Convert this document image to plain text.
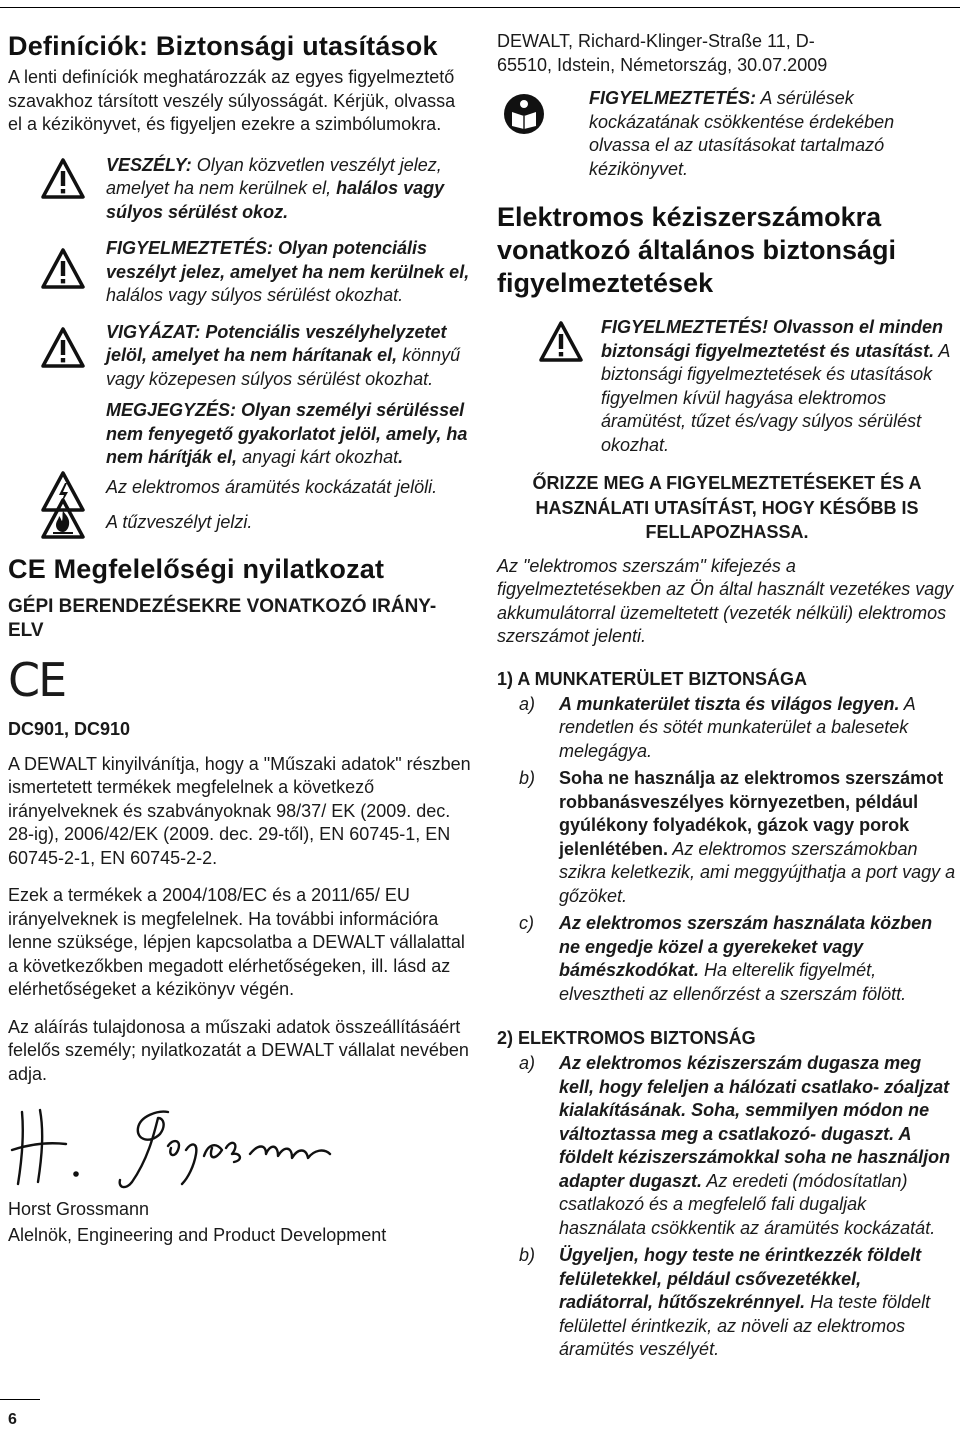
Definíciók: Biztonsági utasítások

A lenti definíciók meghatározzák az egyes figyelmeztető szavakhoz társított veszély súlyosságát. Kérjük, olvassa el a kézikönyvet, és figyeljen ezekre a szimbólumokra.

VESZÉLY: Olyan közvetlen veszélyt jelez, amelyet ha nem kerülnek el, halálos vagy súlyos sérülést okoz.

FIGYELMEZTETÉS: Olyan potenciális veszélyt jelez, amelyet ha nem kerülnek el, halálos vagy súlyos sérülést okozhat.

VIGYÁZAT: Potenciális veszélyhelyzetet jelöl, amelyet ha nem hárítanak el, könnyű vagy közepesen súlyos sérülést okozhat.

MEGJEGYZÉS: Olyan személyi sérüléssel nem fenyegető gyakorlatot jelöl, amely, ha nem hárítják el, anyagi kárt okozhat.

Az elektromos áramütés kockázatát jelöli.

A tűzveszélyt jelzi.

CE Megfelelőségi nyilatkozat

GÉPI BERENDEZÉSEKRE VONATKOZÓ IRÁNY- ELV

CE

DC901, DC910

A DEWALT kinyilvánítja, hogy a "Műszaki adatok" részben ismertetett termékek megfelelnek a következő irányelveknek és szabványoknak 98/37/ EK (2009. dec. 28-ig), 2006/42/EK (2009. dec. 29-től), EN 60745-1, EN 60745-2-1, EN 60745-2-2.

Ezek a termékek a 2004/108/EC és a 2011/65/ EU irányelveknek is megfelelnek. Ha további információra lenne szüksége, lépjen kapcsolatba a DEWALT vállalattal a következőkben megadott elérhetőségeken, ill. lásd az elérhetőségeket a kézikönyv végén.

Az aláírás tulajdonosa a műszaki adatok összeállításáért felelős személy; nyilatkozatát a DEWALT vállalat nevében adja.

Horst Grossmann

Alelnök, Engineering and Product Development

DEWALT, Richard-Klinger-Straße 11, D-65510, Idstein, Németország, 30.07.2009

FIGYELMEZTETÉS: A sérülések kockázatának csökkentése érdekében olvassa el az utasításokat tartalmazó kézikönyvet.

Elektromos kéziszerszámokra vonatkozó általános biztonsági figyelmeztetések

FIGYELMEZTETÉS! Olvasson el minden biztonsági figyelmeztetést és utasítást. A biztonsági figyelmeztetések és utasítások figyelmen kívül hagyása elektromos áramütést, tűzet és/vagy súlyos sérülést okozhat.

ŐRIZZE MEG A FIGYELMEZTETÉSEKET ÉS A HASZNÁLATI UTASÍTÁST, HOGY KÉSŐBB IS FELLAPOZHASSA.

Az "elektromos szerszám" kifejezés a figyelmeztetésekben az Ön által használt vezetékes vagy akkumulátorral üzemeltetett (vezeték nélküli) elektromos szerszámot jelenti.

1) A MUNKATERÜLET BIZTONSÁGA

a) A munkaterület tiszta és világos legyen. A rendetlen és sötét munkaterület a balesetek melegágya.
b) Soha ne használja az elektromos szerszámot robbanásveszélyes környezetben, például gyúlékony folyadékok, gázok vagy porok jelenlétében. Az elektromos szerszámokban szikra keletkezik, ami meggyújthatja a port vagy a gőzöket.
c) Az elektromos szerszám használata közben ne engedje közel a gyerekeket vagy bámészkodókat. Ha elterelik figyelmét, elvesztheti az ellenőrzést a szerszám fölött.

2) ELEKTROMOS BIZTONSÁG

a) Az elektromos kéziszerszám dugasza meg kell, hogy feleljen a hálózati csatlako- zóaljzat kialakításának. Soha, semmilyen módon ne változtassa meg a csatlakozó- dugaszt. A földelt kéziszerszámokkal soha ne használjon adapter dugaszt. Az eredeti (módosítatlan) csatlakozó és a megfelelő fali dugaljak használata csökkentik az áramütés kockázatát.
b) Ügyeljen, hogy teste ne érintkezzék földelt felületekkel, például csővezetékkel, radiátorral, hűtőszekrénnyel. Ha teste földelt felülettel érintkezik, az növeli az elektromos áramütés veszélyét.
6
